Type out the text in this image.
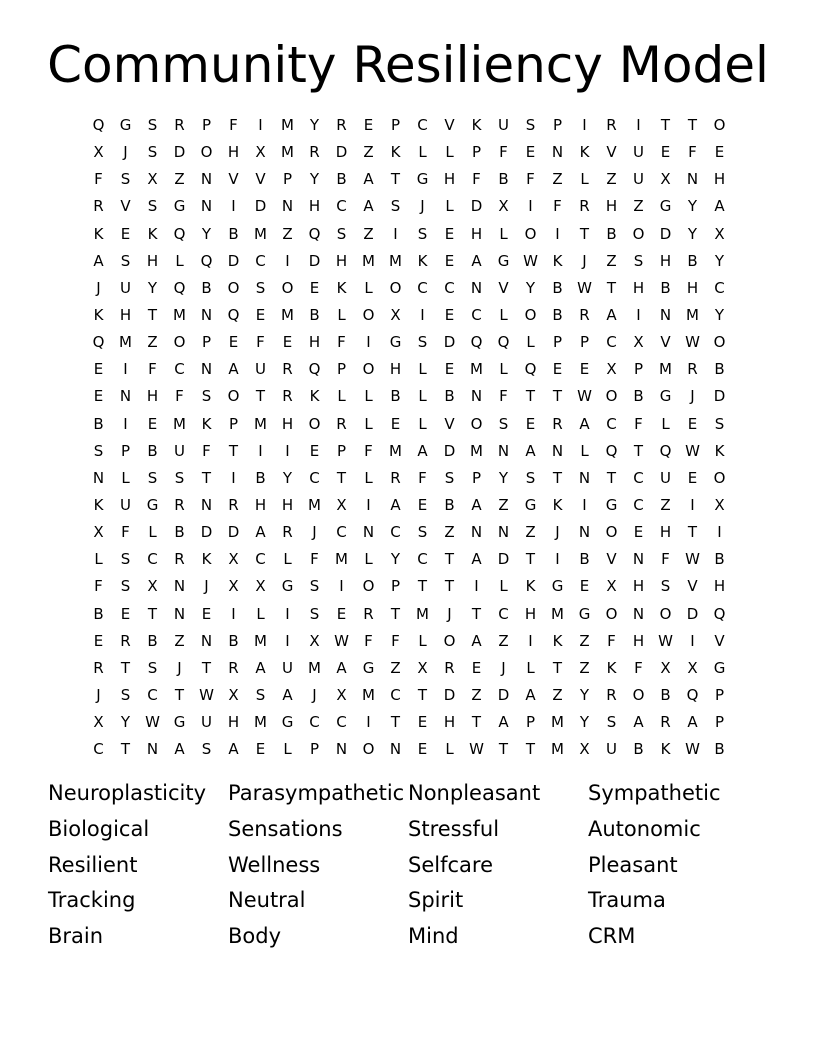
Community Resiliency Model
Q	G	S	R	P	F	I	M	Y	R	E	P	C	V	K	U	S	P	I	R	I	T	T	O
X	J	S	D	O	H	X	M	R	D	Z	K	L	L	P	F	E	N	K	V	U	E	F	E
F	S	X	Z	N	V	V	P	Y	B	A	T	G	H	F	B	F	Z	L	Z	U	X	N	H
R	V	S	G	N	I	D	N	H	C	A	S	J	L	D	X	I	F	R	H	Z	G	Y	A
K	E	K	Q	Y	B	M	Z	Q	S	Z	I	S	E	H	L	O	I	T	B	O	D	Y	X
A	S	H	L	Q	D	C	I	D	H M M	K	E	A	G W K	J	Z	S	H	B	Y
J	U	Y	Q	B	O	S	O	E	K	L	O	C	C	N	V	Y	B W T	H	B	H	C
K	H	T	M N	Q	E	M	B	L	O	X	I	E	C	L	O	B	R	A	I	N M	Y
Q M	Z	O	P	E	F	E	H	F	I	G	S	D	Q	Q	L	P	P	C	X	V W O
E	I	F	C	N	A	U	R	Q	P	O	H	L	E	M	L	Q	E	E	X	P	M	R	B
E	N	H	F	S	O	T	R	K	L	L	B	L	B	N	F	T	T	W O	B	G	J	D
B	I	E	M	K	P	M H	O	R	L	E	L	V	O	S	E	R	A	C	F	L	E	S
S	P	B	U	F	T	I	I	E	P	F	M	A	D M N	A	N	L	Q	T	Q W K
N	L	S	S	T	I	B	Y	C	T	L	R	F	S	P	Y	S	T	N	T	C	U	E	O
K	U	G	R	N	R	H	H M	X	I	A	E	B	A	Z	G	K	I	G	C	Z	I	X
X	F	L	B	D	D	A	R	J	C	N	C	S	Z	N	N	Z	J	N	O	E	H	T	I
L	S	C	R	K	X	C	L	F	M	L	Y	C	T	A	D	T	I	B	V	N	F	W B
F	S	X	N	J	X	X	G	S	I	O	P	T	T	I	L	K	G	E	X	H	S	V	H
B	E	T	N	E	I	L	I	S	E	R	T	M	J	T	C	H M G	O	N	O	D	Q
E	R	B	Z	N	B	M	I	X W	F	F	L	O	A	Z	I	K	Z	F	H W	I	V
R	T	S	J	T	R	A	U	M	A	G	Z	X	R	E	J	L	T	Z	K	F	X	X	G
J	S	C	T	W X	S	A	J	X	M	C	T	D	Z	D	A	Z	Y	R	O	B	Q	P
X	Y	W G	U	H M G	C	C	I	T	E	H	T	A	P	M	Y	S	A	R	A	P
C	T	N	A	S	A	E	L	P	N	O	N	E	L	W T	T	M	X	U	B	K W B
Neuroplasticity	Parasympathetic Nonpleasant	Sympathetic
Biological	Sensations	Stressful	Autonomic
Resilient	Wellness	Selfcare	Pleasant
Tracking	Neutral	Spirit	Trauma
Brain	Body	Mind	CRM
